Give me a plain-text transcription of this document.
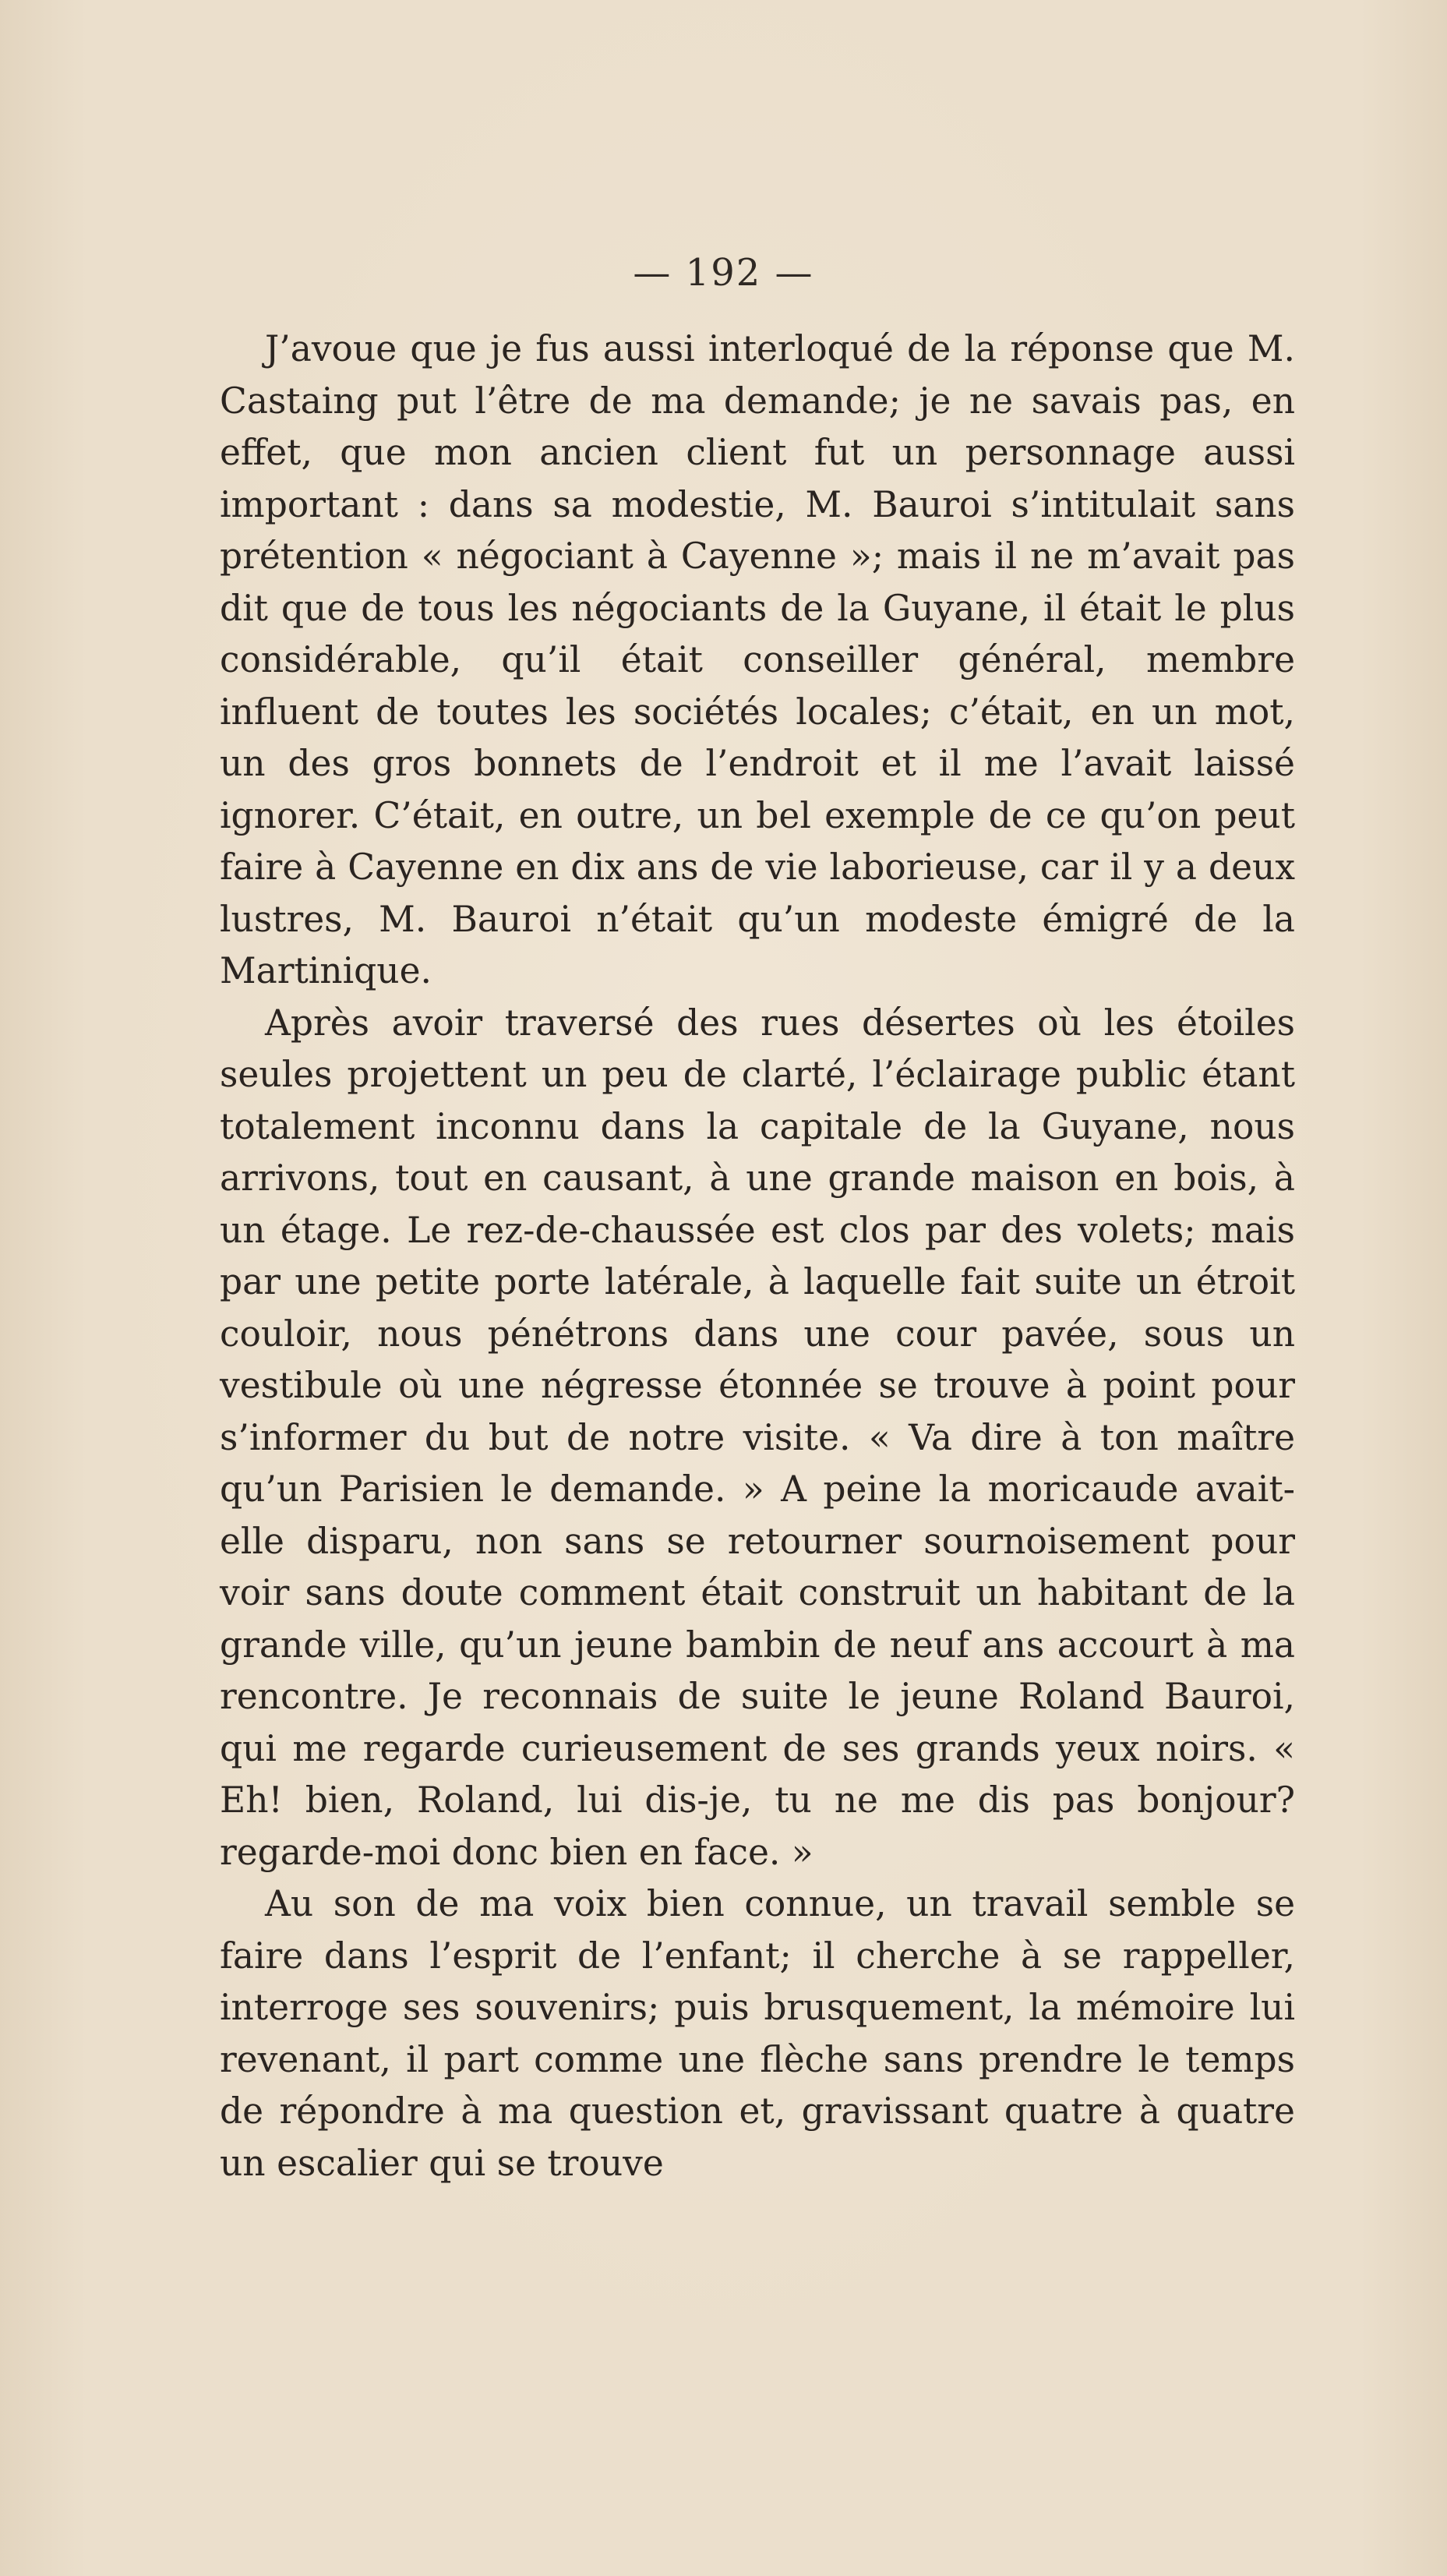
— 192 —

J’avoue que je fus aussi interloqué de la réponse que M. Castaing put l’être de ma demande; je ne savais pas, en effet, que mon ancien client fut un personnage aussi important : dans sa modestie, M. Bauroi s’intitulait sans prétention « négociant à Cayenne »; mais il ne m’avait pas dit que de tous les négociants de la Guyane, il était le plus considérable, qu’il était conseiller général, membre influent de toutes les sociétés locales; c’était, en un mot, un des gros bonnets de l’endroit et il me l’avait laissé ignorer. C’était, en outre, un bel exemple de ce qu’on peut faire à Cayenne en dix ans de vie laborieuse, car il y a deux lustres, M. Bauroi n’était qu’un modeste émigré de la Martinique.

Après avoir traversé des rues désertes où les étoiles seules projettent un peu de clarté, l’éclairage public étant totalement inconnu dans la capitale de la Guyane, nous arrivons, tout en causant, à une grande maison en bois, à un étage. Le rez-de-chaussée est clos par des volets; mais par une petite porte latérale, à laquelle fait suite un étroit couloir, nous pénétrons dans une cour pavée, sous un vestibule où une négresse étonnée se trouve à point pour s’informer du but de notre visite. « Va dire à ton maître qu’un Parisien le demande. » A peine la moricaude avait-elle disparu, non sans se retourner sournoisement pour voir sans doute comment était construit un habitant de la grande ville, qu’un jeune bambin de neuf ans accourt à ma rencontre. Je reconnais de suite le jeune Roland Bauroi, qui me regarde curieusement de ses grands yeux noirs. « Eh! bien, Roland, lui dis-je, tu ne me dis pas bonjour? regarde-moi donc bien en face. »

Au son de ma voix bien connue, un travail semble se faire dans l’esprit de l’enfant; il cherche à se rappeller, interroge ses souvenirs; puis brusquement, la mémoire lui revenant, il part comme une flèche sans prendre le temps de répondre à ma question et, gravissant quatre à quatre un escalier qui se trouve
